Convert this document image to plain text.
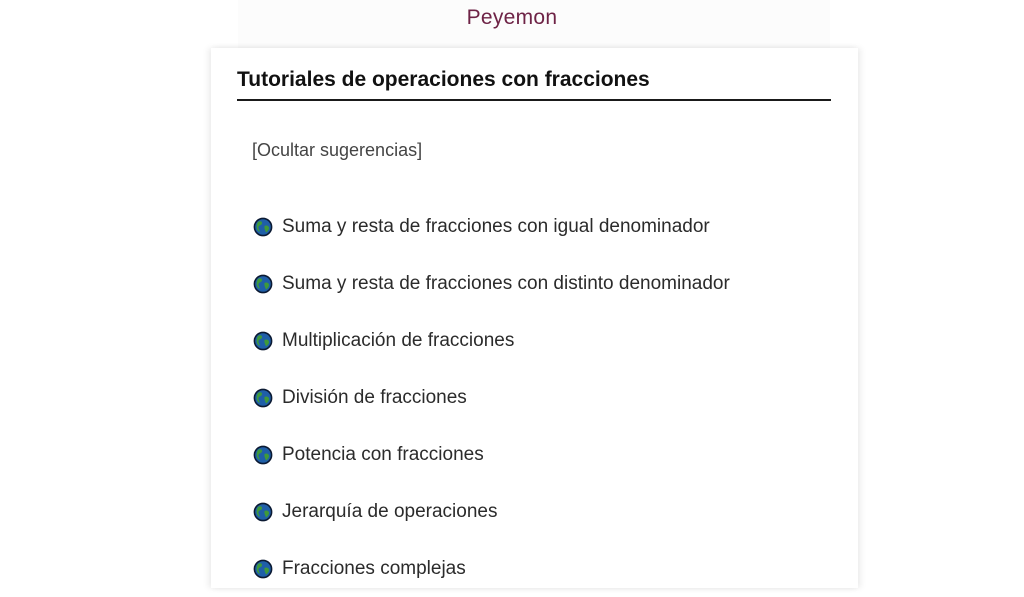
Peyemon
Tutoriales de operaciones con fracciones
[Ocultar sugerencias]
Suma y resta de fracciones con igual denominador
Suma y resta de fracciones con distinto denominador
Multiplicación de fracciones
División de fracciones
Potencia con fracciones
Jerarquía de operaciones
Fracciones complejas
